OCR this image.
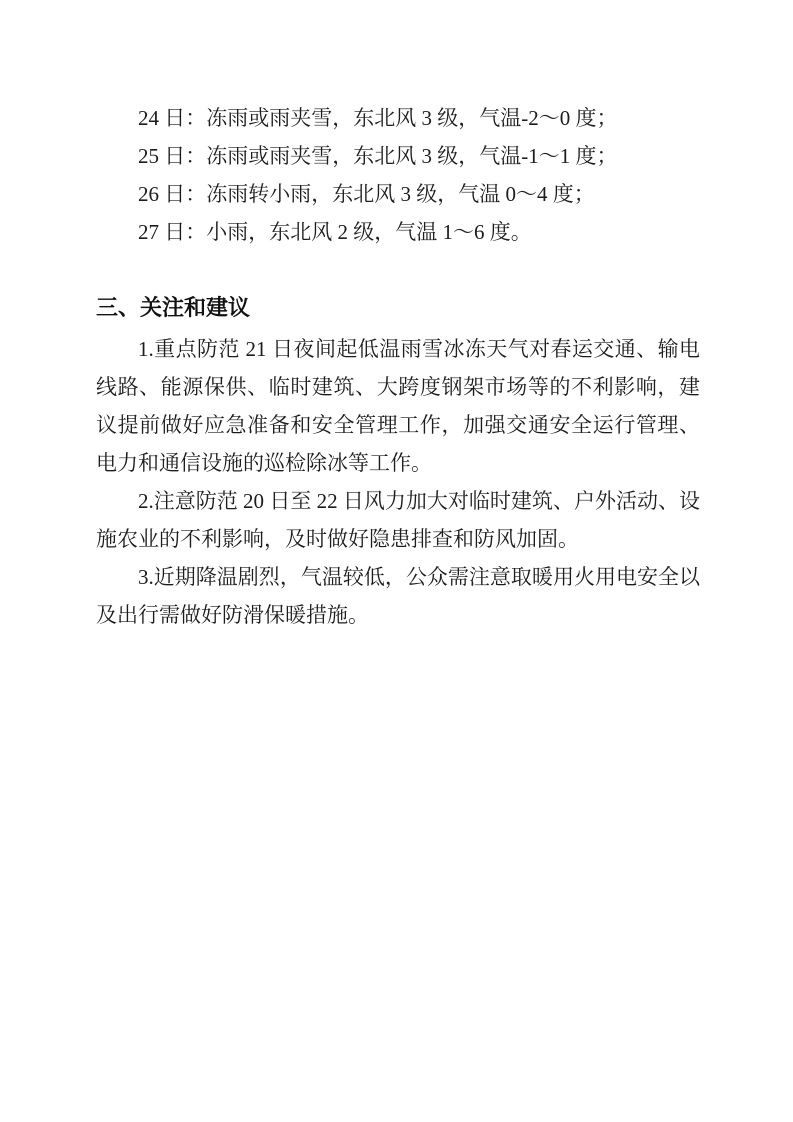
24 日：冻雨或雨夹雪，东北风 3 级，气温-2～0 度；

25 日：冻雨或雨夹雪，东北风 3 级，气温-1～1 度；

26 日：冻雨转小雨，东北风 3 级，气温 0～4 度；

27 日：小雨，东北风 2 级，气温 1～6 度。

三、关注和建议

1.重点防范 21 日夜间起低温雨雪冰冻天气对春运交通、输电线路、能源保供、临时建筑、大跨度钢架市场等的不利影响，建议提前做好应急准备和安全管理工作，加强交通安全运行管理、电力和通信设施的巡检除冰等工作。

2.注意防范 20 日至 22 日风力加大对临时建筑、户外活动、设施农业的不利影响，及时做好隐患排查和防风加固。

3.近期降温剧烈，气温较低，公众需注意取暖用火用电安全以及出行需做好防滑保暖措施。
